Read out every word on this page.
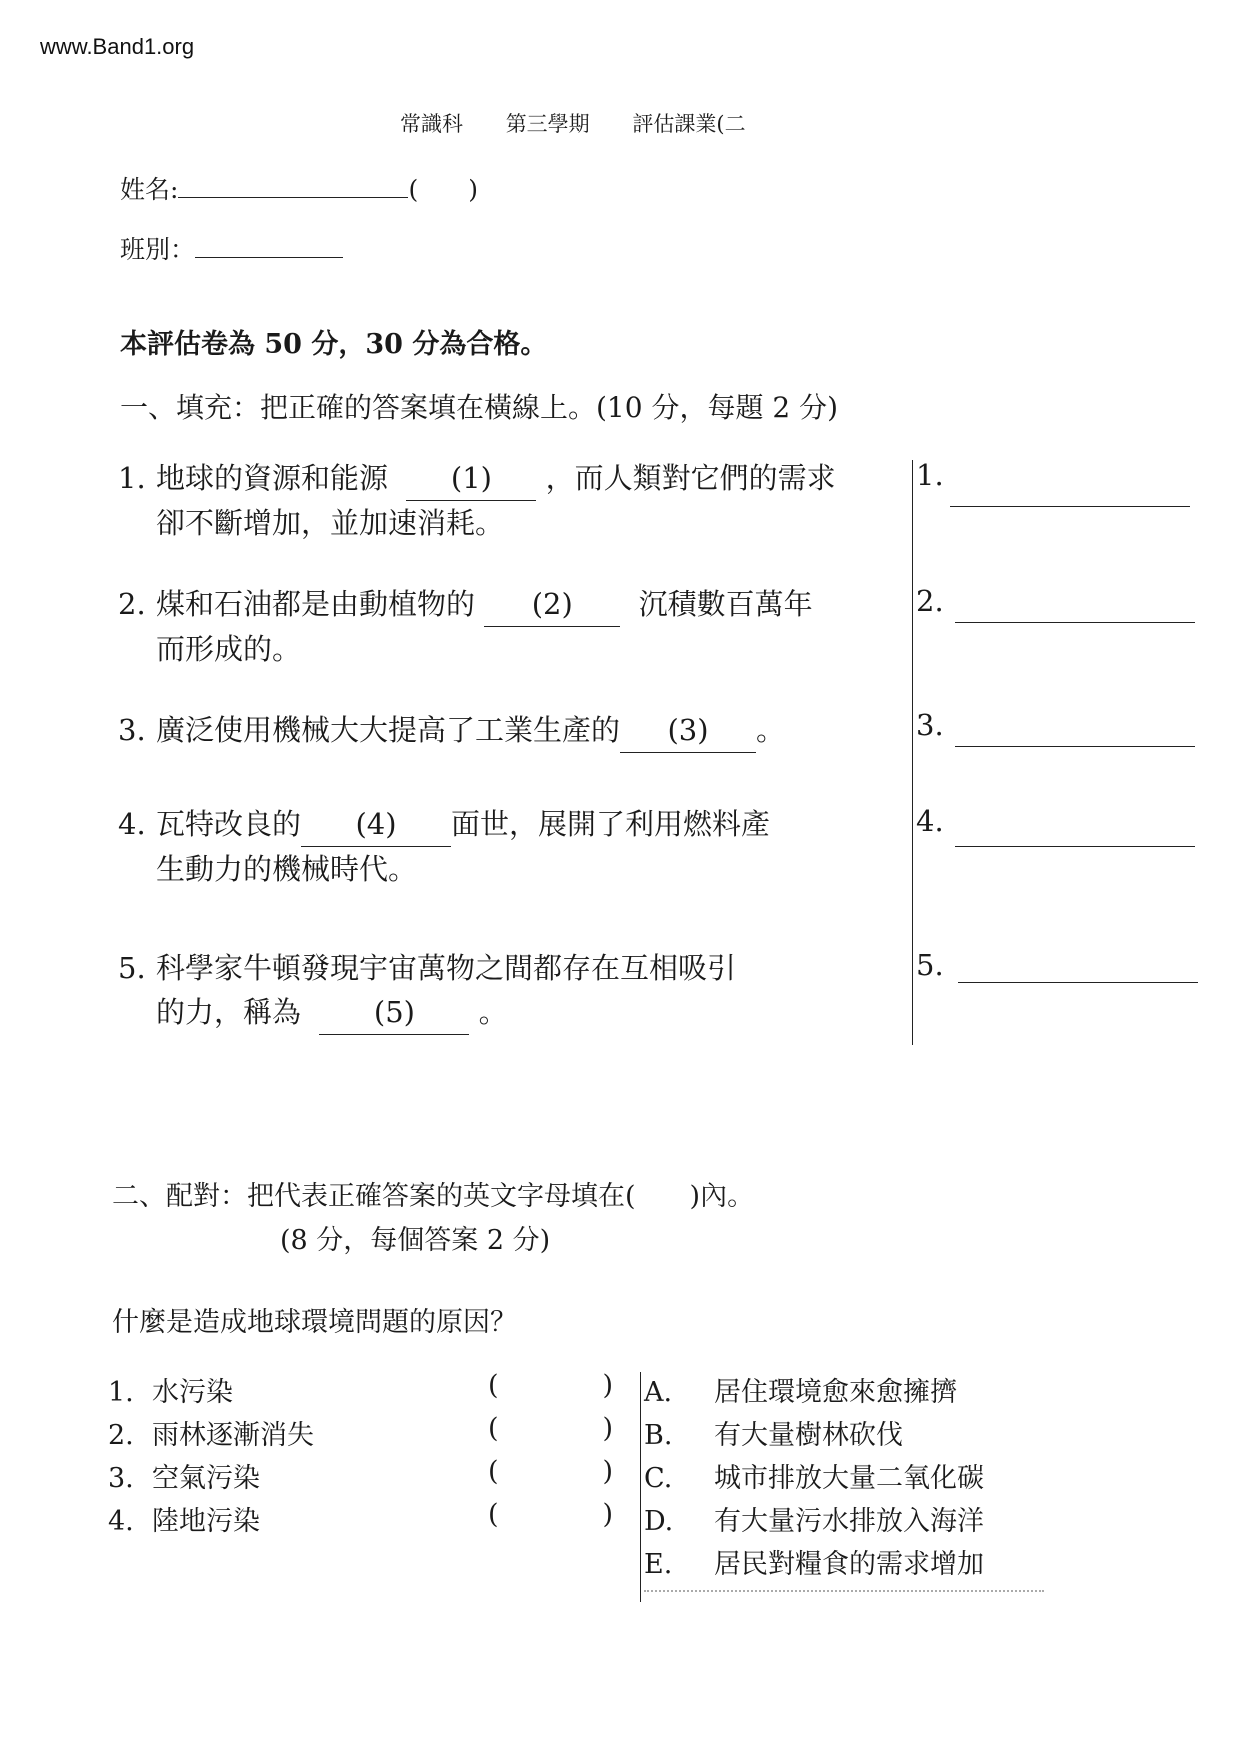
www.Band1.org
常識科 第三學期 評估課業(二
姓名:	(　　)
班別：
本評估卷為 50 分，30 分為合格。
一、填充：把正確的答案填在橫線上。(10 分，每題 2 分)
1. 地球的資源和能源 (1) ，而人類對它們的需求
卻不斷增加，並加速消耗。
1.
2. 煤和石油都是由動植物的 (2) 沉積數百萬年
而形成的。
2.
3. 廣泛使用機械大大提高了工業生產的 (3) 。	3.
4. 瓦特改良的 (4) 面世，展開了利用燃料產
生動力的機械時代。
4.
5. 科學家牛頓發現宇宙萬物之間都存在互相吸引
的力，稱為	(5) 。
5.
二、配對：把代表正確答案的英文字母填在(　　)內。
(8 分，每個答案 2 分)
什麼是造成地球環境問題的原因？
1. 水污染	(	)
2. 雨林逐漸消失	(	)
3. 空氣污染	(	)
4. 陸地污染	(	)
A. 居住環境愈來愈擁擠
B. 有大量樹林砍伐
C. 城市排放大量二氧化碳
D. 有大量污水排放入海洋
E. 居民對糧食的需求增加
